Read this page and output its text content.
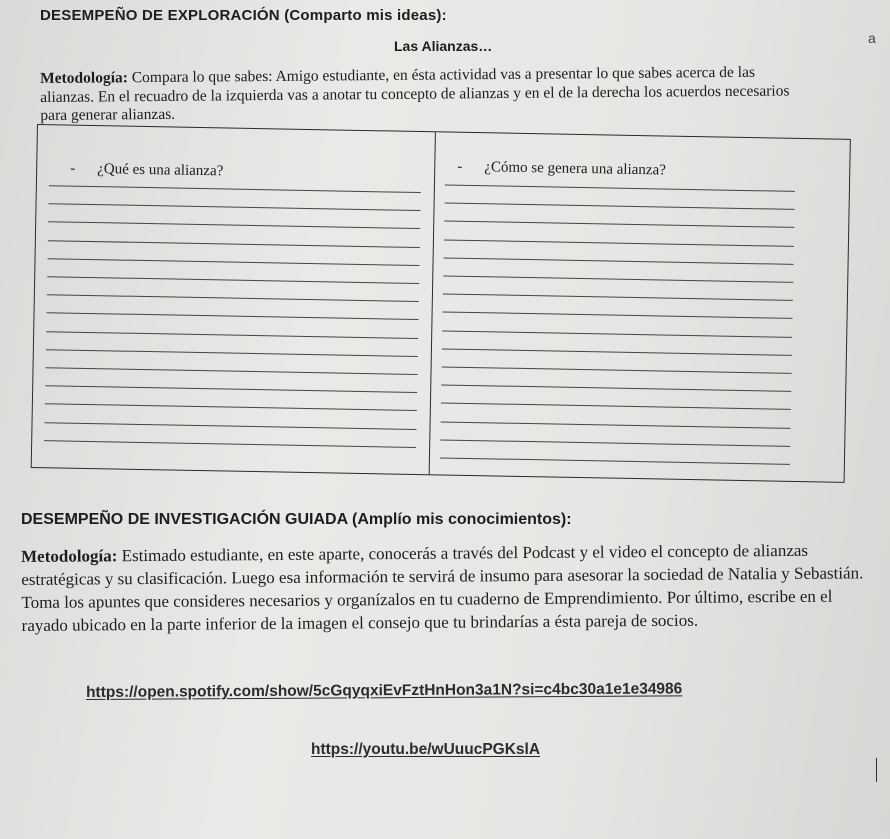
DESEMPEÑO DE EXPLORACIÓN (Comparto mis ideas):
Las Alianzas…	a
Metodología: Compara lo que sabes: Amigo estudiante, en ésta actividad vas a presentar lo que sabes acerca de las alianzas. En el recuadro de la izquierda vas a anotar tu concepto de alianzas y en el de la derecha los acuerdos necesarios para generar alianzas.
- ¿Qué es una alianza?	- ¿Cómo se genera una alianza?
DESEMPEÑO DE INVESTIGACIÓN GUIADA (Amplío mis conocimientos):
Metodología: Estimado estudiante, en este aparte, conocerás a través del Podcast y el video el concepto de alianzas estratégicas y su clasificación. Luego esa información te servirá de insumo para asesorar la sociedad de Natalia y Sebastián. Toma los apuntes que consideres necesarios y organízalos en tu cuaderno de Emprendimiento. Por último, escribe en el rayado ubicado en la parte inferior de la imagen el consejo que tu brindarías a ésta pareja de socios.
https://open.spotify.com/show/5cGqyqxiEvFztHnHon3a1N?si=c4bc30a1e1e34986
https://youtu.be/wUuucPGKslA
